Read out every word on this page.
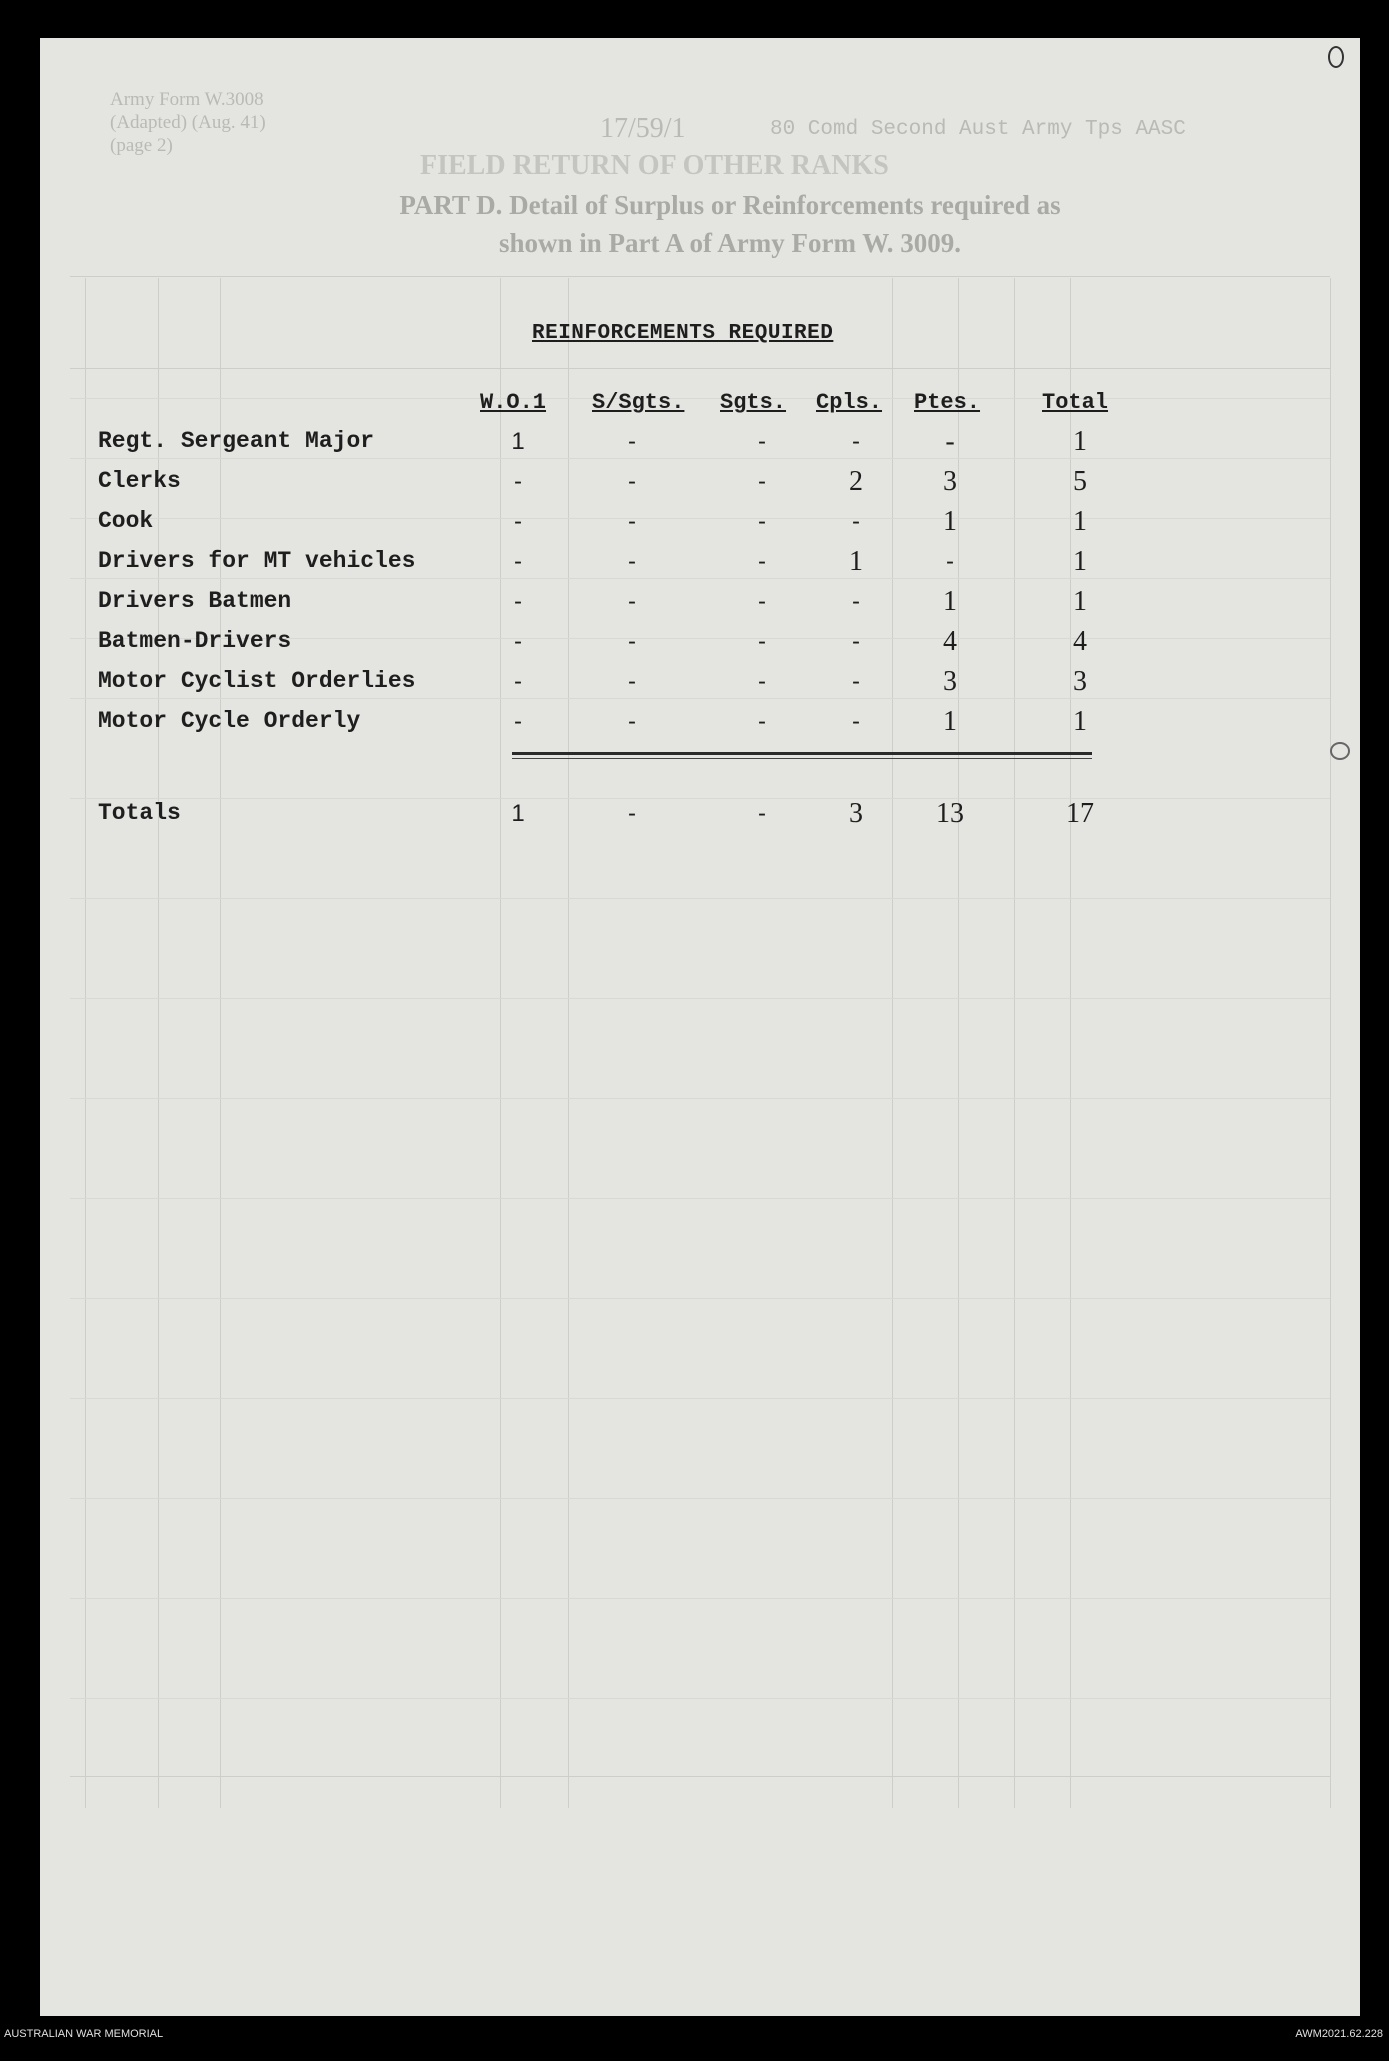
Army Form W.3008
(Adapted) (Aug. 41)
(page 2)
17/59/1	80 Comd Second Aust Army Tps AASC
FIELD RETURN OF OTHER RANKS
PART D. Detail of Surplus or Reinforcements required as shown in Part A of Army Form W. 3009.
REINFORCEMENTS REQUIRED
W.O.1 S/Sgts. Sgts. Cpls. Ptes.	Total
Regt. Sergeant Major	1	-	-	-	-	1
Clerks	-	-	-	2	3	5
Cook	-	-	-	-	1	1
Drivers for MT vehicles	-	-	-	1	-	1
Drivers Batmen	-	-	-	-	1	1
Batmen-Drivers	-	-	-	-	4	4
Motor Cyclist Orderlies	-	-	-	-	3	3
Motor Cycle Orderly	-	-	-	-	1	1
Totals	1	-	-	3	13	17
AUSTRALIAN WAR MEMORIAL	AWM2021.62.228
